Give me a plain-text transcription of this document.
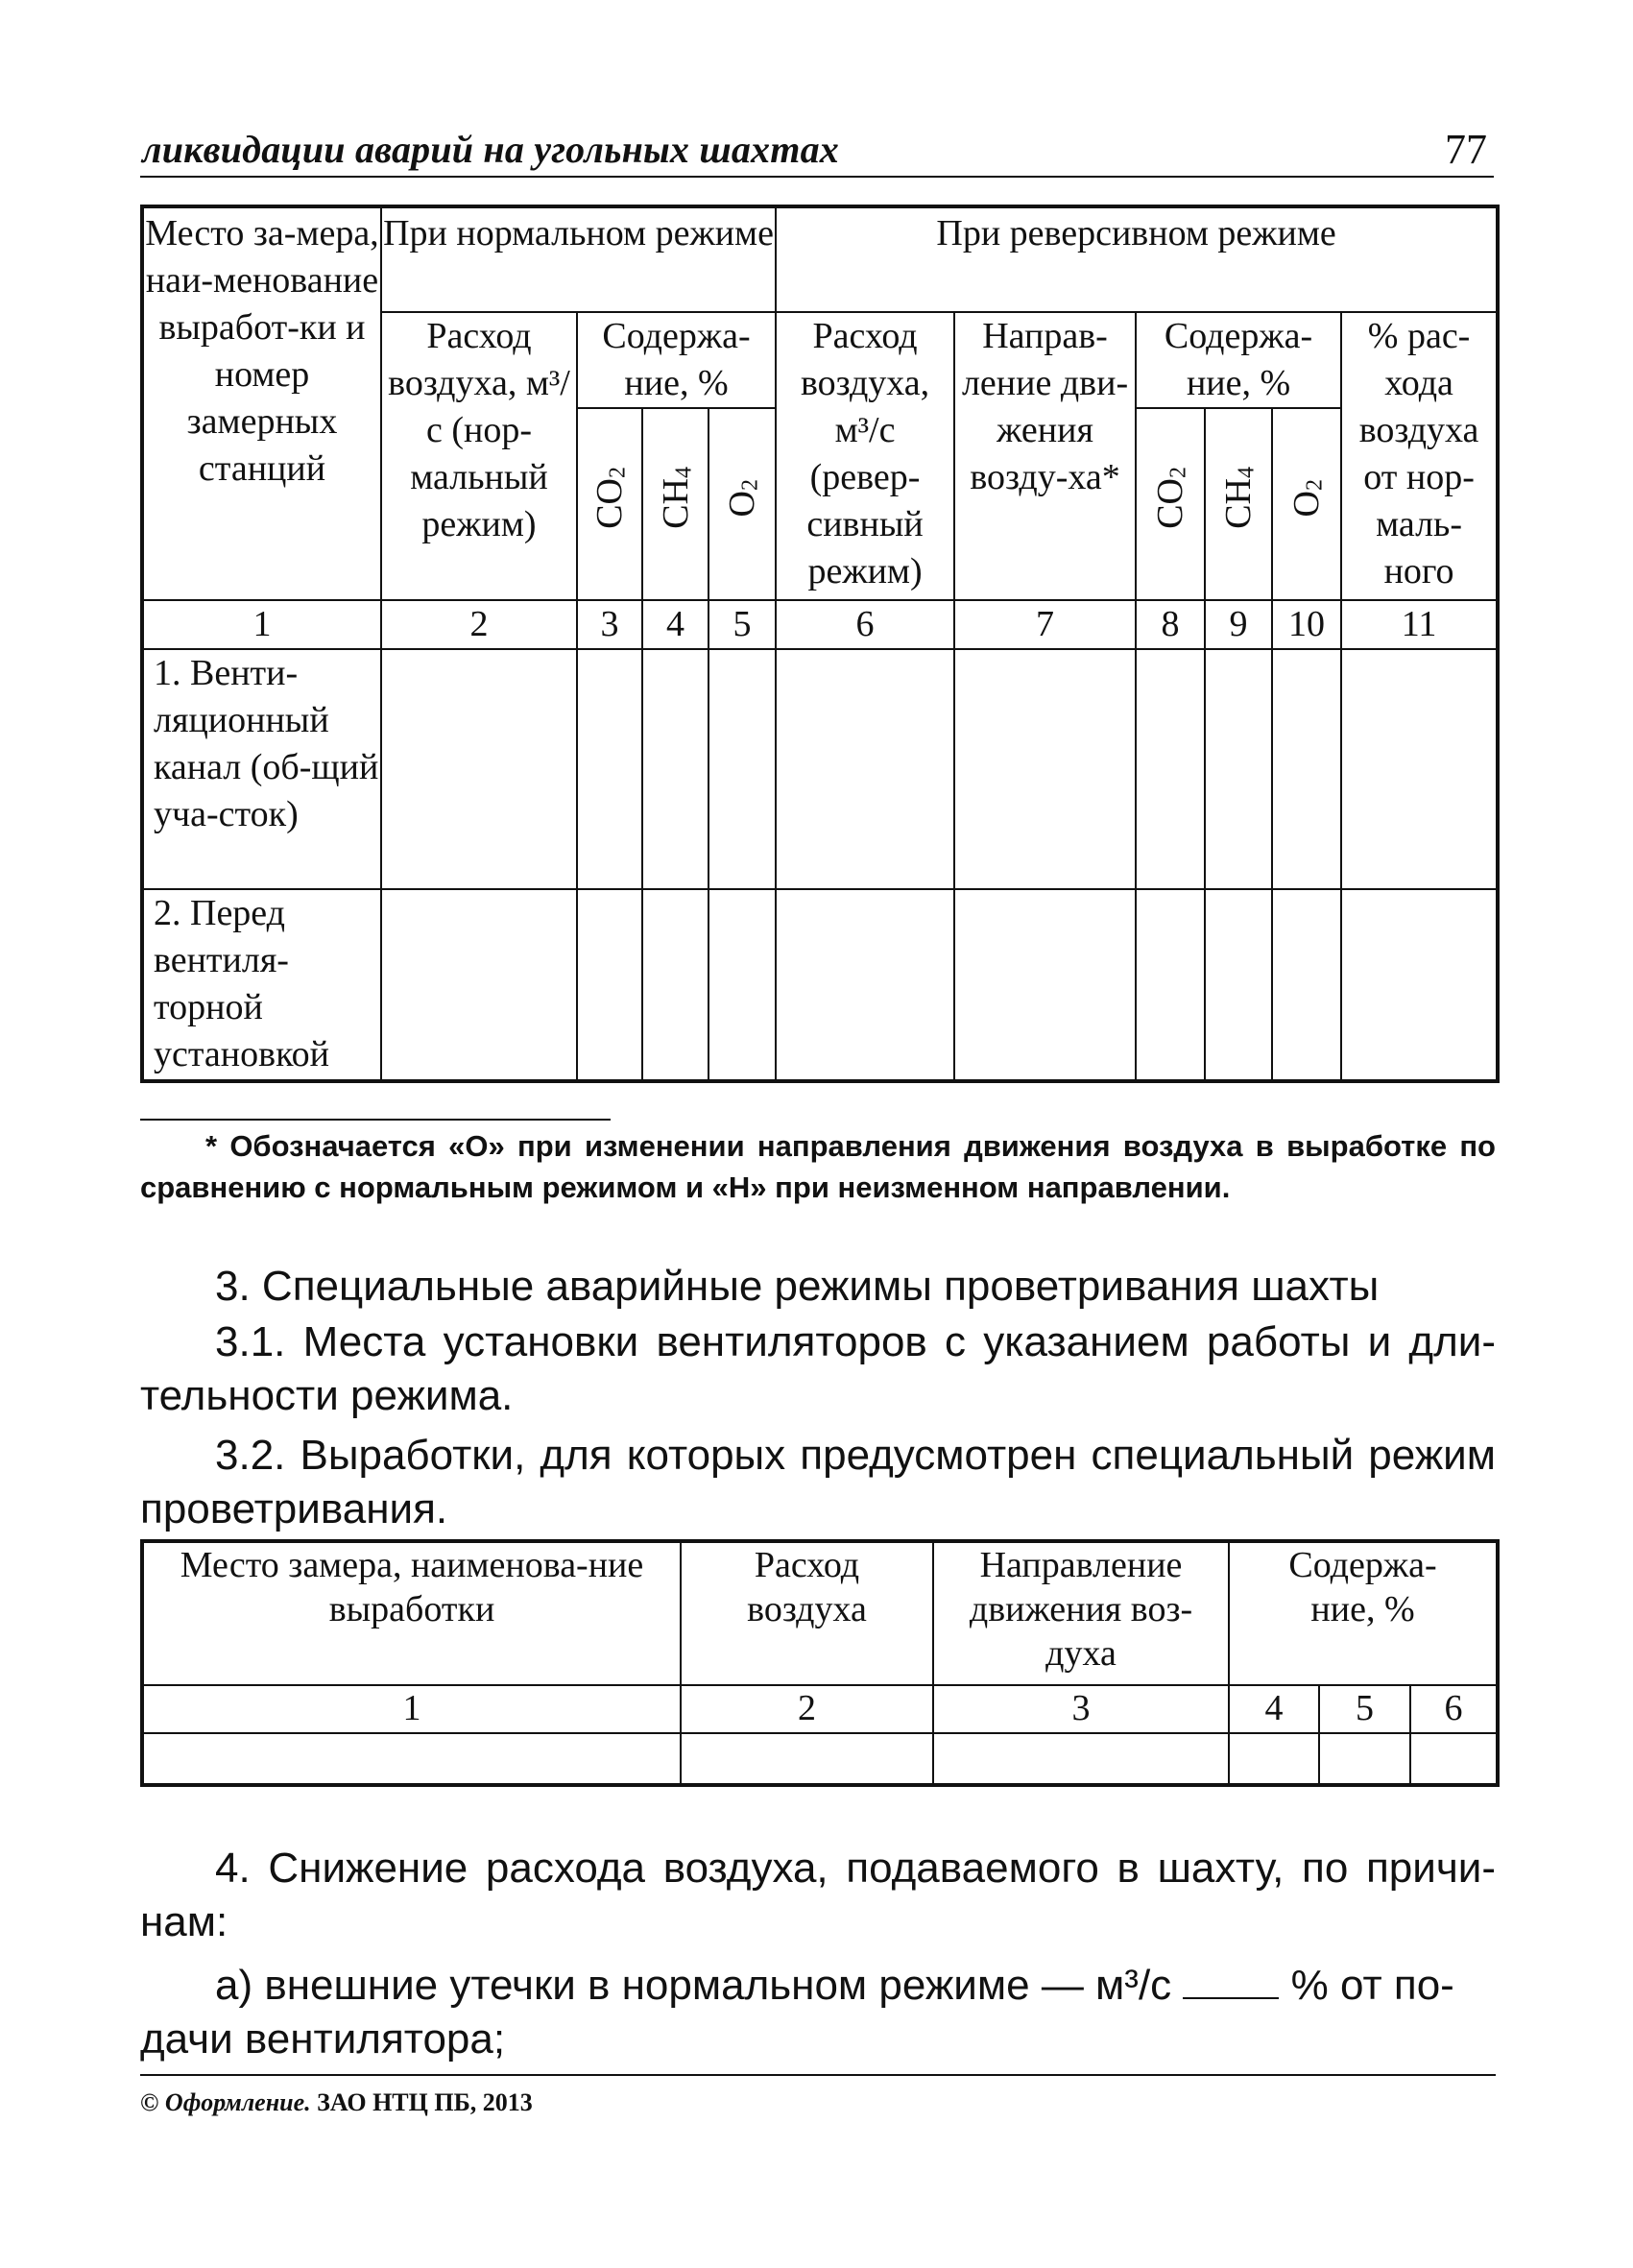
ликвидации аварий на угольных шахтах	77
Место за-мера, наи-менование выработ-ки и номер замерных станций	При нормальном режиме				При реверсивном режиме					
	Расход воздуха, м³/с (нор-мальный режим)	Содержа-ние, %			Расход воздуха, м³/с (ревер-сивный режим)	Направ-ление дви-жения возду-ха*	Содержа-ние, %			% рас-хода воздуха от нор-маль-ного
		$CO_2$	$CH_4$	$O_2$			$CO_2$	$CH_4$	$O_2$
1	2	3	4	5	6	7	8	9	10	11
1. Венти-ляционный канал (об-щий уча-сток)										
2. Перед вентиля-торной установкой										
* Обозначается «О» при изменении направления движения воздуха в выработке по сравнению с нормальным режимом и «Н» при неизменном направлении.
3. Специальные аварийные режимы проветривания шахты
3.1. Места установки вентиляторов с указанием работы и дли-тельности режима.
3.2. Выработки, для которых предусмотрен специальный режим проветривания.
Место замера, наименова-ние выработки	Расход воздуха	Направление движения воз-духа	Содержа-ние, %		
1	2	3	4	5	6

4. Снижение расхода воздуха, подаваемого в шахту, по причи-нам:
а) внешние утечки в нормальном режиме — м³/с	% от по-
дачи вентилятора;
© Оформление. ЗАО НТЦ ПБ, 2013
